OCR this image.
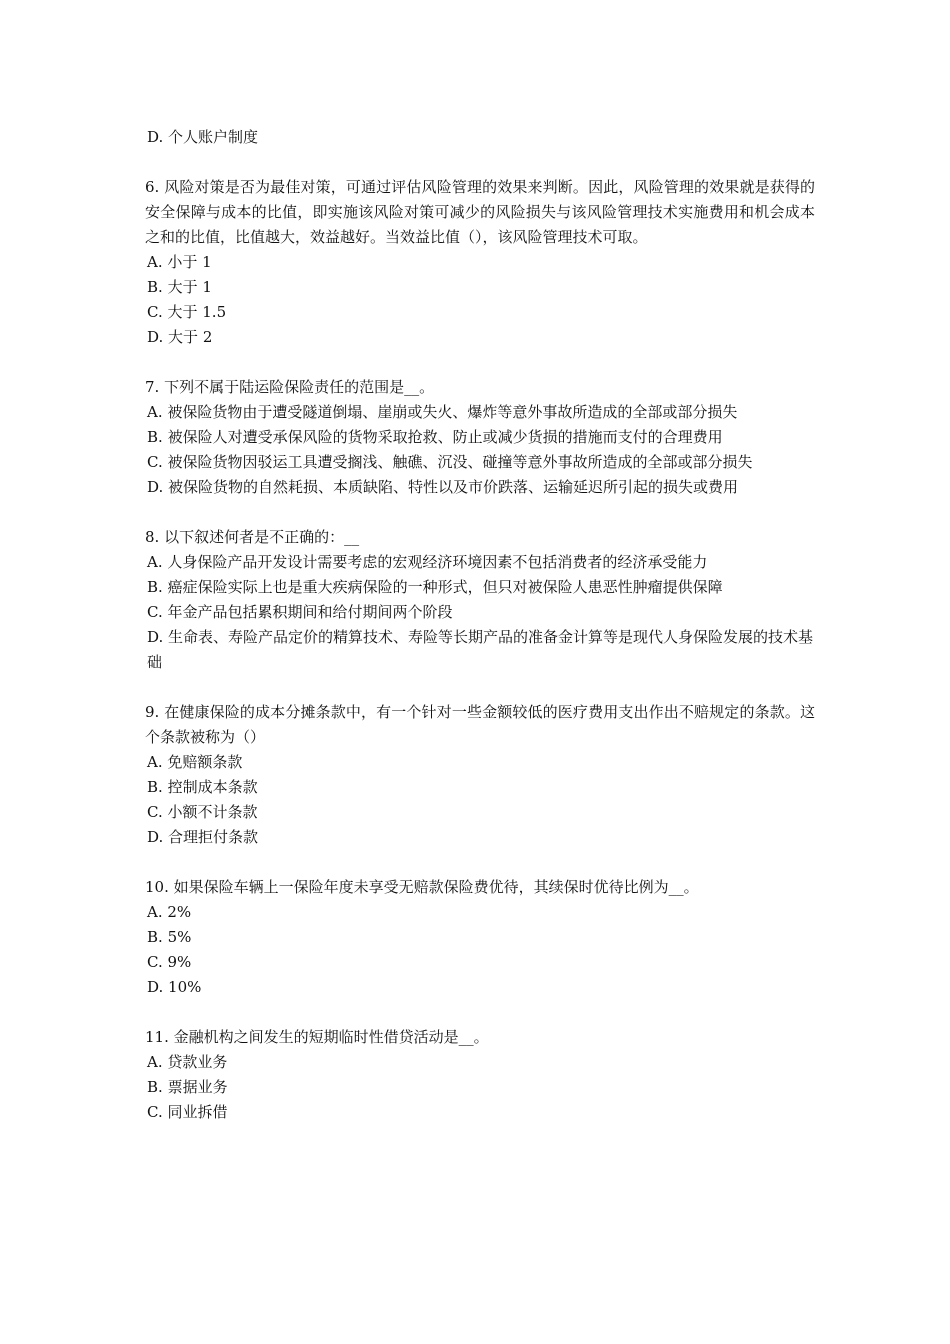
D. 个人账户制度
6. 风险对策是否为最佳对策，可通过评估风险管理的效果来判断。因此，风险管理的效果就是获得的安全保障与成本的比值，即实施该风险对策可减少的风险损失与该风险管理技术实施费用和机会成本之和的比值，比值越大，效益越好。当效益比值（），该风险管理技术可取。
A. 小于 1
B. 大于 1
C. 大于 1.5
D. 大于 2
7. 下列不属于陆运险保险责任的范围是__。
A. 被保险货物由于遭受隧道倒塌、崖崩或失火、爆炸等意外事故所造成的全部或部分损失
B. 被保险人对遭受承保风险的货物采取抢救、防止或减少货损的措施而支付的合理费用
C. 被保险货物因驳运工具遭受搁浅、触礁、沉没、碰撞等意外事故所造成的全部或部分损失
D. 被保险货物的自然耗损、本质缺陷、特性以及市价跌落、运输延迟所引起的损失或费用
8. 以下叙述何者是不正确的：__
A. 人身保险产品开发设计需要考虑的宏观经济环境因素不包括消费者的经济承受能力
B. 癌症保险实际上也是重大疾病保险的一种形式，但只对被保险人患恶性肿瘤提供保障
C. 年金产品包括累积期间和给付期间两个阶段
D. 生命表、寿险产品定价的精算技术、寿险等长期产品的准备金计算等是现代人身保险发展的技术基础
9. 在健康保险的成本分摊条款中，有一个针对一些金额较低的医疗费用支出作出不赔规定的条款。这个条款被称为（）
A. 免赔额条款
B. 控制成本条款
C. 小额不计条款
D. 合理拒付条款
10. 如果保险车辆上一保险年度未享受无赔款保险费优待，其续保时优待比例为__。
A. 2%
B. 5%
C. 9%
D. 10%
11. 金融机构之间发生的短期临时性借贷活动是__。
A. 贷款业务
B. 票据业务
C. 同业拆借
